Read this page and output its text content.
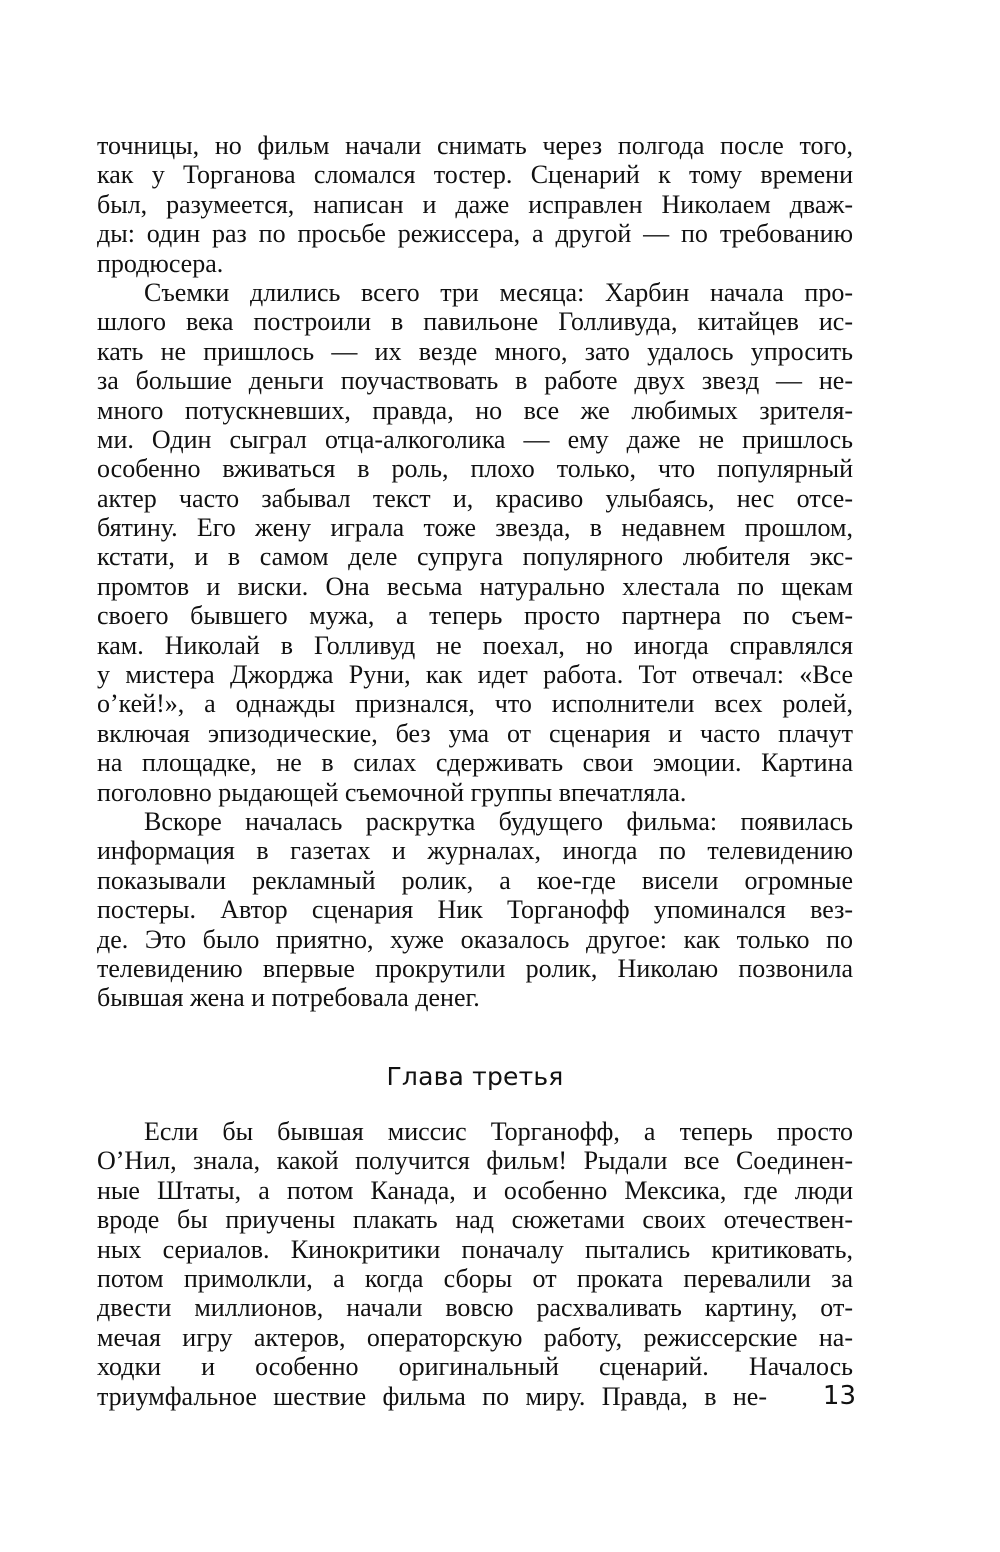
точницы, но фильм начали снимать через полгода после того,
как у Торганова сломался тостер. Сценарий к тому времени
был, разумеется, написан и даже исправлен Николаем дваж-
ды: один раз по просьбе режиссера, а другой — по требованию
продюсера.
Съемки длились всего три месяца: Харбин начала про-
шлого века построили в павильоне Голливуда, китайцев ис-
кать не пришлось — их везде много, зато удалось упросить
за большие деньги поучаствовать в работе двух звезд — не-
много потускневших, правда, но все же любимых зрителя-
ми. Один сыграл отца-алкоголика — ему даже не пришлось
особенно вживаться в роль, плохо только, что популярный
актер часто забывал текст и, красиво улыбаясь, нес отсе-
бятину. Его жену играла тоже звезда, в недавнем прошлом,
кстати, и в самом деле супруга популярного любителя экс-
промтов и виски. Она весьма натурально хлестала по щекам
своего бывшего мужа, а теперь просто партнера по съем-
кам. Николай в Голливуд не поехал, но иногда справлялся
у мистера Джорджа Руни, как идет работа. Тот отвечал: «Все
о’кей!», а однажды признался, что исполнители всех ролей,
включая эпизодические, без ума от сценария и часто плачут
на площадке, не в силах сдерживать свои эмоции. Картина
поголовно рыдающей съемочной группы впечатляла.
Вскоре началась раскрутка будущего фильма: появилась
информация в газетах и журналах, иногда по телевидению
показывали рекламный ролик, а кое-где висели огромные
постеры. Автор сценария Ник Торганофф упоминался вез-
де. Это было приятно, хуже оказалось другое: как только по
телевидению впервые прокрутили ролик, Николаю позвонила
бывшая жена и потребовала денег.
Глава третья
Если бы бывшая миссис Торганофф, а теперь просто
О’Нил, знала, какой получится фильм! Рыдали все Соединен-
ные Штаты, а потом Канада, и особенно Мексика, где люди
вроде бы приучены плакать над сюжетами своих отечествен-
ных сериалов. Кинокритики поначалу пытались критиковать,
потом примолкли, а когда сборы от проката перевалили за
двести миллионов, начали вовсю расхваливать картину, от-
мечая игру актеров, операторскую работу, режиссерские на-
ходки и особенно оригинальный сценарий. Началось
триумфальное шествие фильма по миру. Правда, в не- 13
